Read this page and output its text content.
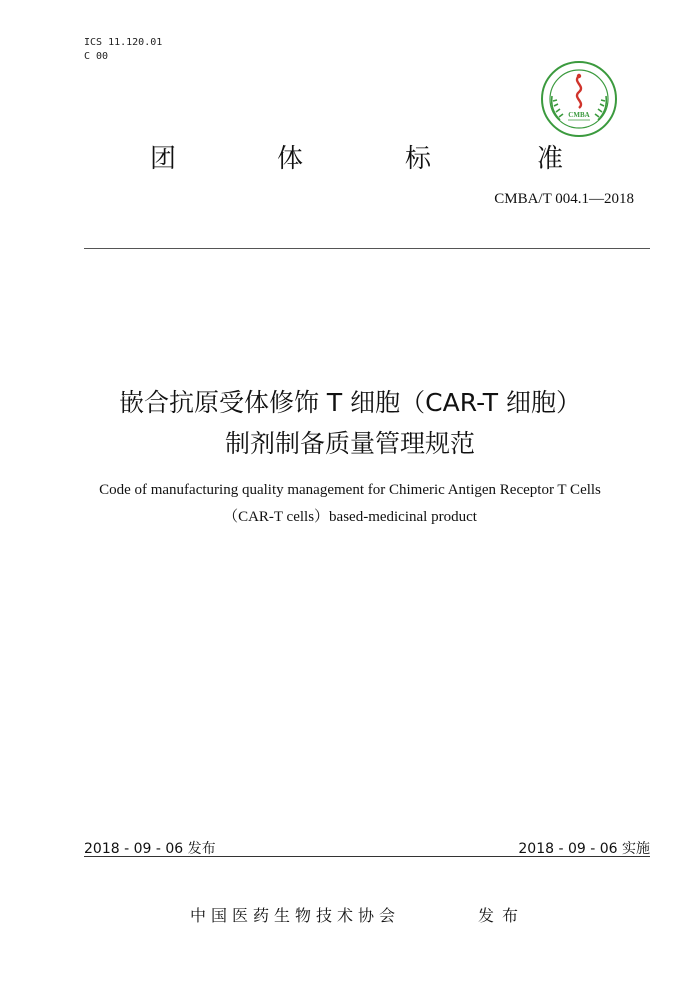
ICS 11.120.01
C 00
CMBA
团	体	标	准
CMBA/T 004.1—2018
嵌合抗原受体修饰 T 细胞（CAR-T 细胞）
制剂制备质量管理规范
Code of manufacturing quality management for Chimeric Antigen Receptor T Cells
（CAR-T cells）based-medicinal product
2018 - 09 - 06 发布	2018 - 09 - 06 实施
中国医药生物技术协会	发布
